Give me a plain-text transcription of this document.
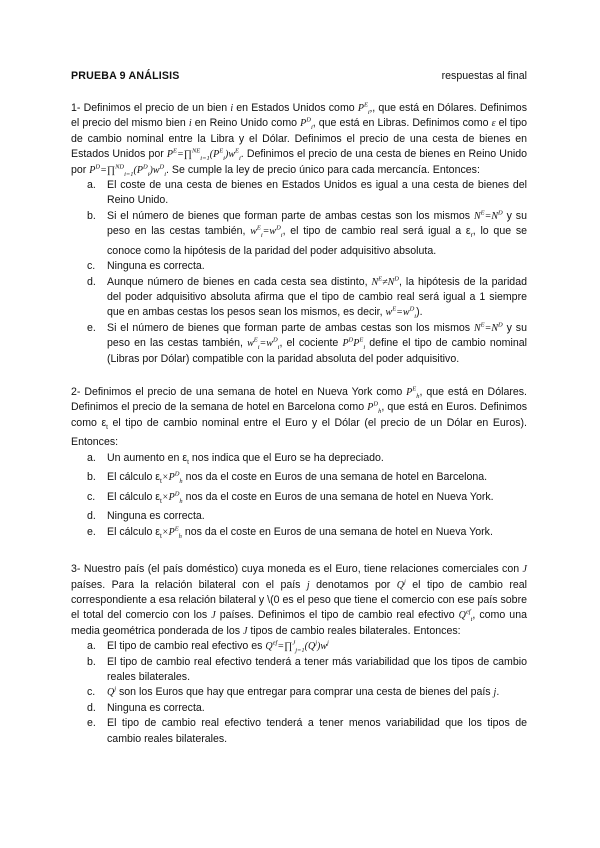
PRUEBA 9 ANÁLISIS	respuestas al final

1- Definimos el precio de un bien i en Estados Unidos como $P^E_i$,, que está en Dólares. Definimos el precio del mismo bien i en Reino Unido como $P^D_i$, que está en Libras. Definimos como ε el tipo de cambio nominal entre la Libra y el Dólar. Definimos el precio de una cesta de bienes en Estados Unidos por $P^E=\prod^{NE}_{i=1}(P^E_i)w^E_i$. Definimos el precio de una cesta de bienes en Reino Unido por $P^D=\prod^{ND}_{i=1}(P^D_i)w^D_i$. Se cumple la ley de precio único para cada mercancía. Entonces:

a.	El coste de una cesta de bienes en Estados Unidos es igual a una cesta de bienes del Reino Unido.
b.	Si el número de bienes que forman parte de ambas cestas son los mismos $N^E=N^D$ y su peso en las cestas también, $w^E_i=w^D_i$, el tipo de cambio real será igual a $\varepsilon_r$, lo que se conoce como la hipótesis de la paridad del poder adquisitivo absoluta.
c.	Ninguna es correcta.
d.	Aunque número de bienes en cada cesta sea distinto, $N^E\ne N^D$, la hipótesis de la paridad del poder adquisitivo absoluta afirma que el tipo de cambio real será igual a 1 siempre que en ambas cestas los pesos sean los mismos, es decir, $w^E=w^D_i$).
e.	Si el número de bienes que forman parte de ambas cestas son los mismos $N^E=N^D$ y su peso en las cestas también, $w^E_i=w^D_i$, el cociente $P^DP^E_i$ define el tipo de cambio nominal (Libras por Dólar) compatible con la paridad absoluta del poder adquisitivo.

2- Definimos el precio de una semana de hotel en Nueva York como $P^E_h$, que está en Dólares. Definimos el precio de la semana de hotel en Barcelona como $P^D_h$, que está en Euros. Definimos como $\varepsilon_t$ el tipo de cambio nominal entre el Euro y el Dólar (el precio de un Dólar en Euros). Entonces:

a.	Un aumento en $\varepsilon_t$ nos indica que el Euro se ha depreciado.
b.	El cálculo $\varepsilon_t\times P^D_h$ nos da el coste en Euros de una semana de hotel en Barcelona.
c.	El cálculo $\varepsilon_t\times P^D_h$ nos da el coste en Euros de una semana de hotel en Nueva York.
d.	Ninguna es correcta.
e.	El cálculo $\varepsilon_t\times P^E_h$ nos da el coste en Euros de una semana de hotel en Nueva York.

3- Nuestro país (el país doméstico) cuya moneda es el Euro, tiene relaciones comerciales con J países. Para la relación bilateral con el país j denotamos por $Q^j$ el tipo de cambio real correspondiente a esa relación bilateral y \(0 es el peso que tiene el comercio con ese país sobre el total del comercio con los J países. Definimos el tipo de cambio real efectivo $Q^{ef}_t$, como una media geométrica ponderada de los J tipos de cambio reales bilaterales. Entonces:

a.	El tipo de cambio real efectivo es $Q^{ef}=\prod^J_{j=1}(Q^j)w^j$
b.	El tipo de cambio real efectivo tenderá a tener más variabilidad que los tipos de cambio reales bilaterales.
c.	$Q^j$ son los Euros que hay que entregar para comprar una cesta de bienes del país j.
d.	Ninguna es correcta.
e.	El tipo de cambio real efectivo tenderá a tener menos variabilidad que los tipos de cambio reales bilaterales.
